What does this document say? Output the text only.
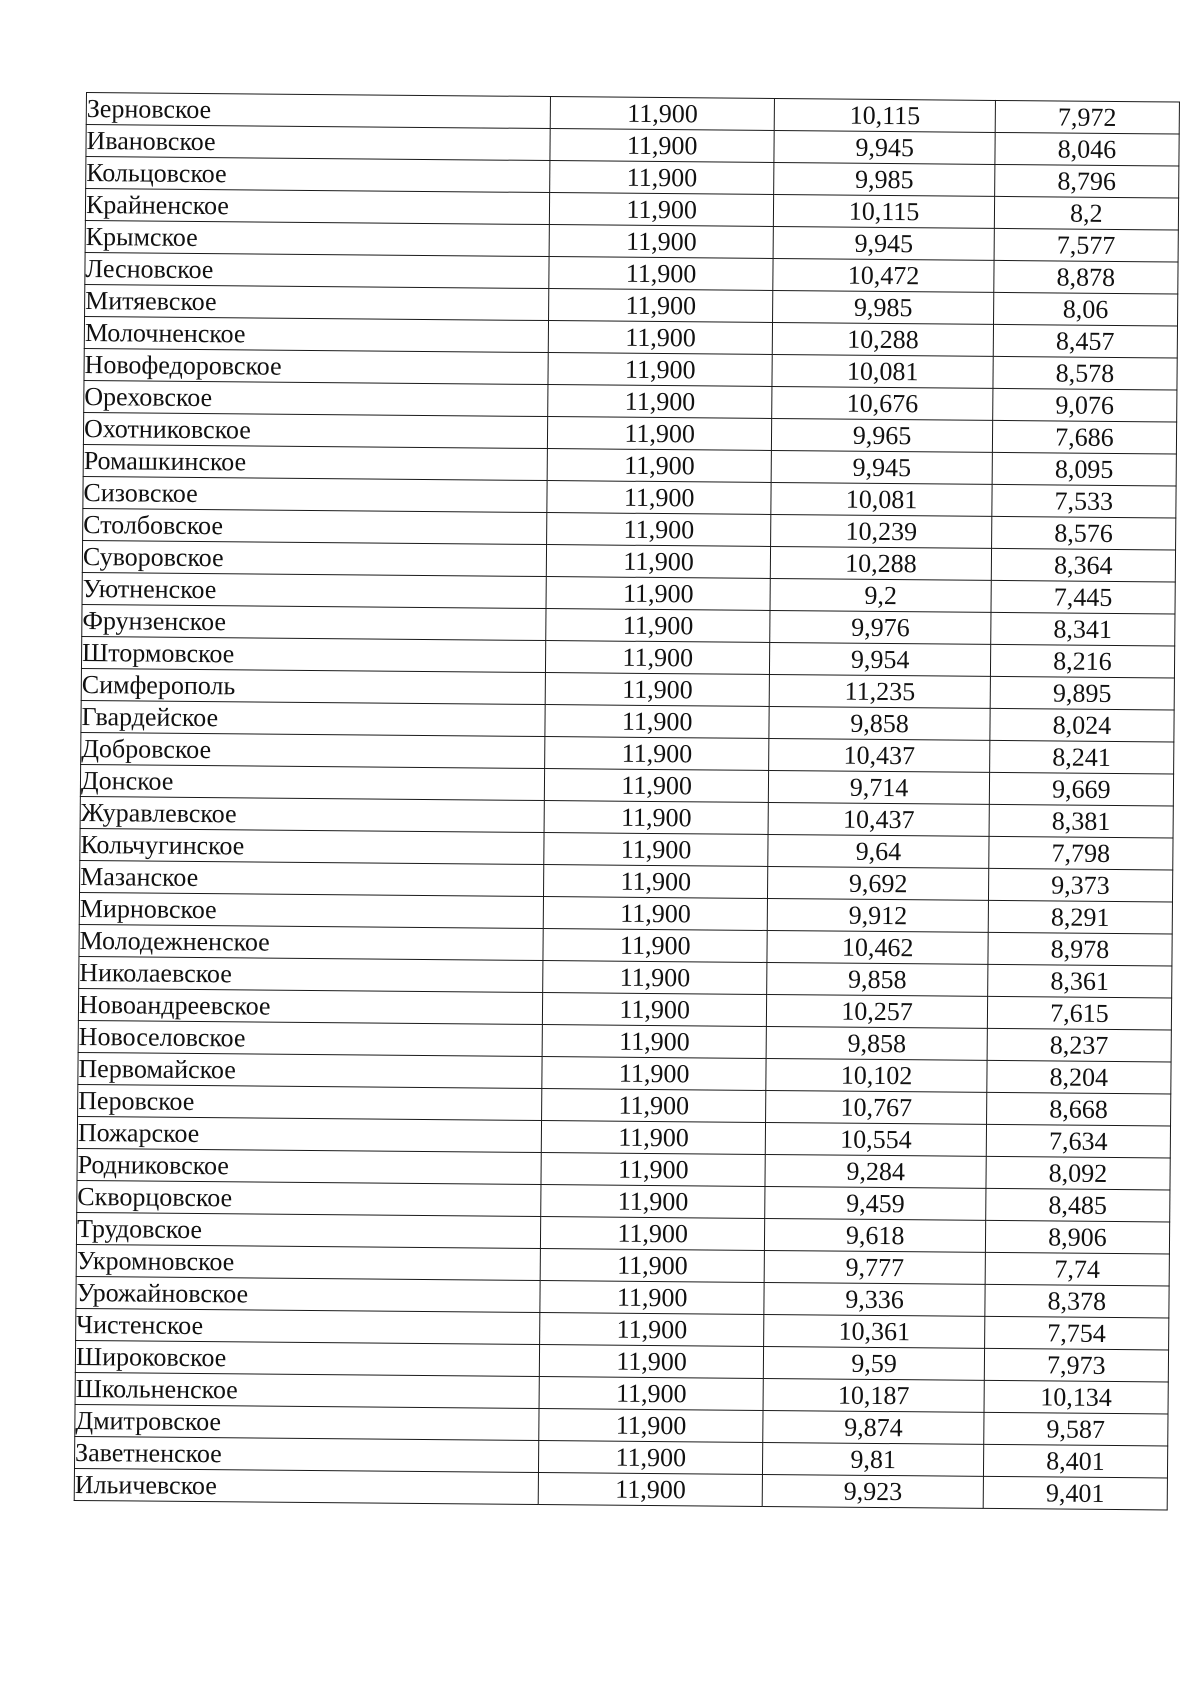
Зерновское	11,900	10,115	7,972
Ивановское	11,900	9,945	8,046
Кольцовское	11,900	9,985	8,796
Крайненское	11,900	10,115	8,2
Крымское	11,900	9,945	7,577
Лесновское	11,900	10,472	8,878
Митяевское	11,900	9,985	8,06
Молочненское	11,900	10,288	8,457
Новофедоровское	11,900	10,081	8,578
Ореховское	11,900	10,676	9,076
Охотниковское	11,900	9,965	7,686
Ромашкинское	11,900	9,945	8,095
Сизовское	11,900	10,081	7,533
Столбовское	11,900	10,239	8,576
Суворовское	11,900	10,288	8,364
Уютненское	11,900	9,2	7,445
Фрунзенское	11,900	9,976	8,341
Штормовское	11,900	9,954	8,216
Симферополь	11,900	11,235	9,895
Гвардейское	11,900	9,858	8,024
Добровское	11,900	10,437	8,241
Донское	11,900	9,714	9,669
Журавлевское	11,900	10,437	8,381
Кольчугинское	11,900	9,64	7,798
Мазанское	11,900	9,692	9,373
Мирновское	11,900	9,912	8,291
Молодежненское	11,900	10,462	8,978
Николаевское	11,900	9,858	8,361
Новоандреевское	11,900	10,257	7,615
Новоселовское	11,900	9,858	8,237
Первомайское	11,900	10,102	8,204
Перовское	11,900	10,767	8,668
Пожарское	11,900	10,554	7,634
Родниковское	11,900	9,284	8,092
Скворцовское	11,900	9,459	8,485
Трудовское	11,900	9,618	8,906
Укромновское	11,900	9,777	7,74
Урожайновское	11,900	9,336	8,378
Чистенское	11,900	10,361	7,754
Широковское	11,900	9,59	7,973
Школьненское	11,900	10,187	10,134
Дмитровское	11,900	9,874	9,587
Заветненское	11,900	9,81	8,401
Ильичевское	11,900	9,923	9,401
